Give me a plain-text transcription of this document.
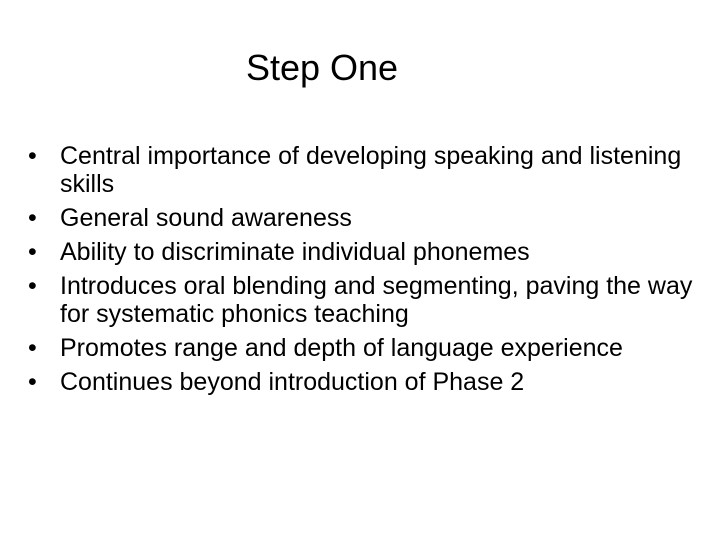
Step One
• Central importance of developing speaking and listening skills
• General sound awareness
• Ability to discriminate individual phonemes
• Introduces oral blending and segmenting, paving the way for systematic phonics teaching
• Promotes range and depth of language experience
• Continues beyond introduction of Phase 2
